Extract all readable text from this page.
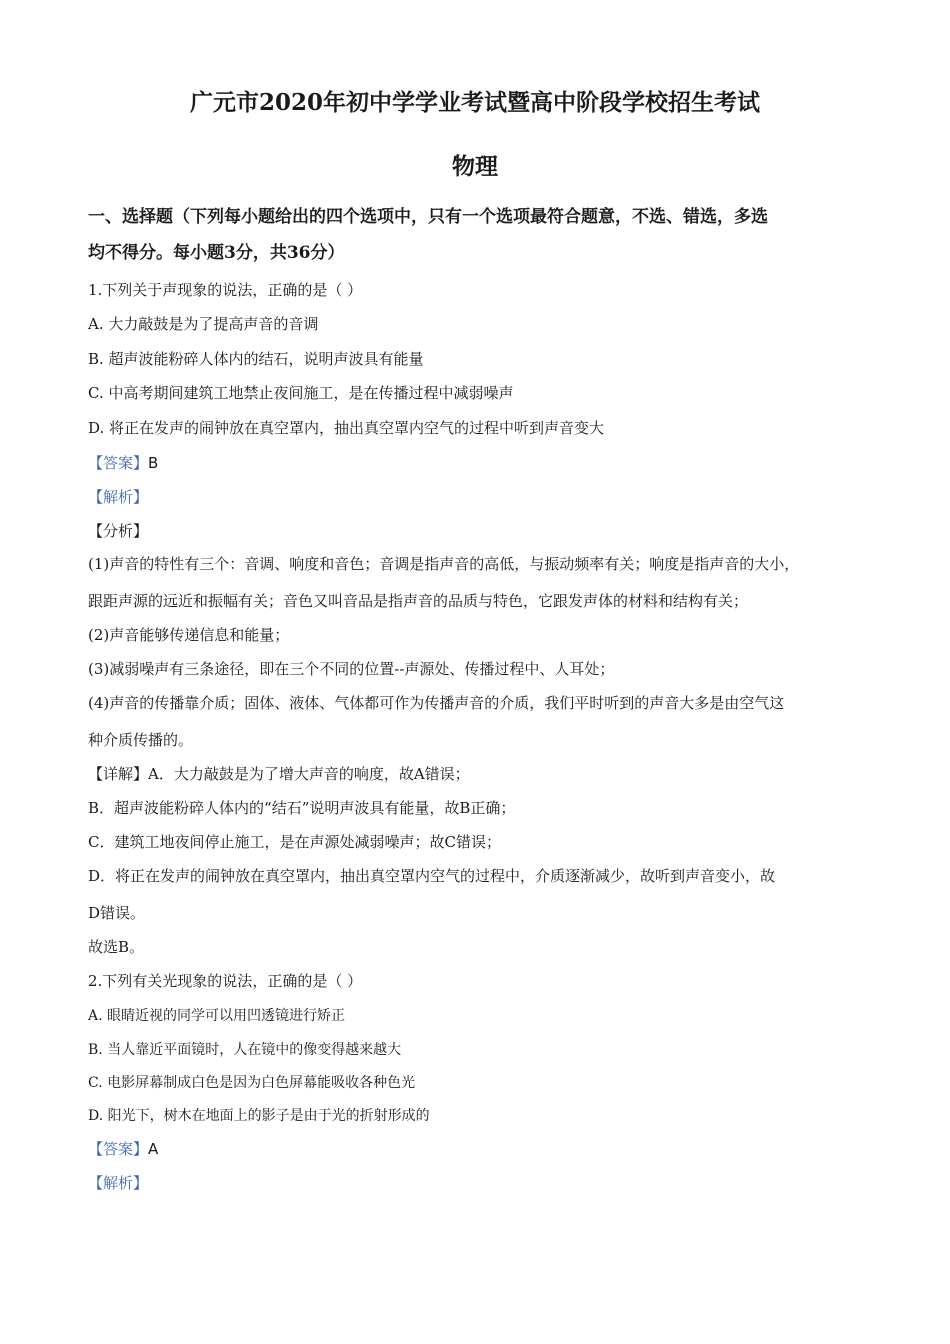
广元市2020年初中学学业考试暨高中阶段学校招生考试
物理
一、选择题（下列每小题给出的四个选项中，只有一个选项最符合题意，不选、错选，多选
均不得分。每小题3分，共36分）
1.下列关于声现象的说法，正确的是（ ）
A. 大力敲鼓是为了提高声音的音调
B. 超声波能粉碎人体内的结石，说明声波具有能量
C. 中高考期间建筑工地禁止夜间施工，是在传播过程中减弱噪声
D. 将正在发声的闹钟放在真空罩内，抽出真空罩内空气的过程中听到声音变大
【答案】B
【解析】
【分析】
(1)声音的特性有三个：音调、响度和音色；音调是指声音的高低，与振动频率有关；响度是指声音的大小，
跟距声源的远近和振幅有关；音色又叫音品是指声音的品质与特色，它跟发声体的材料和结构有关；
(2)声音能够传递信息和能量；
(3)减弱噪声有三条途径，即在三个不同的位置--声源处、传播过程中、人耳处；
(4)声音的传播靠介质；固体、液体、气体都可作为传播声音的介质，我们平时听到的声音大多是由空气这
种介质传播的。
【详解】A．大力敲鼓是为了增大声音的响度，故A错误；
B．超声波能粉碎人体内的“结石”说明声波具有能量，故B正确；
C．建筑工地夜间停止施工，是在声源处减弱噪声；故C错误；
D．将正在发声的闹钟放在真空罩内，抽出真空罩内空气的过程中，介质逐渐减少，故听到声音变小，故
D错误。
故选B。
2.下列有关光现象的说法，正确的是（ ）
A. 眼睛近视的同学可以用凹透镜进行矫正
B. 当人靠近平面镜时，人在镜中的像变得越来越大
C. 电影屏幕制成白色是因为白色屏幕能吸收各种色光
D. 阳光下，树木在地面上的影子是由于光的折射形成的
【答案】A
【解析】
